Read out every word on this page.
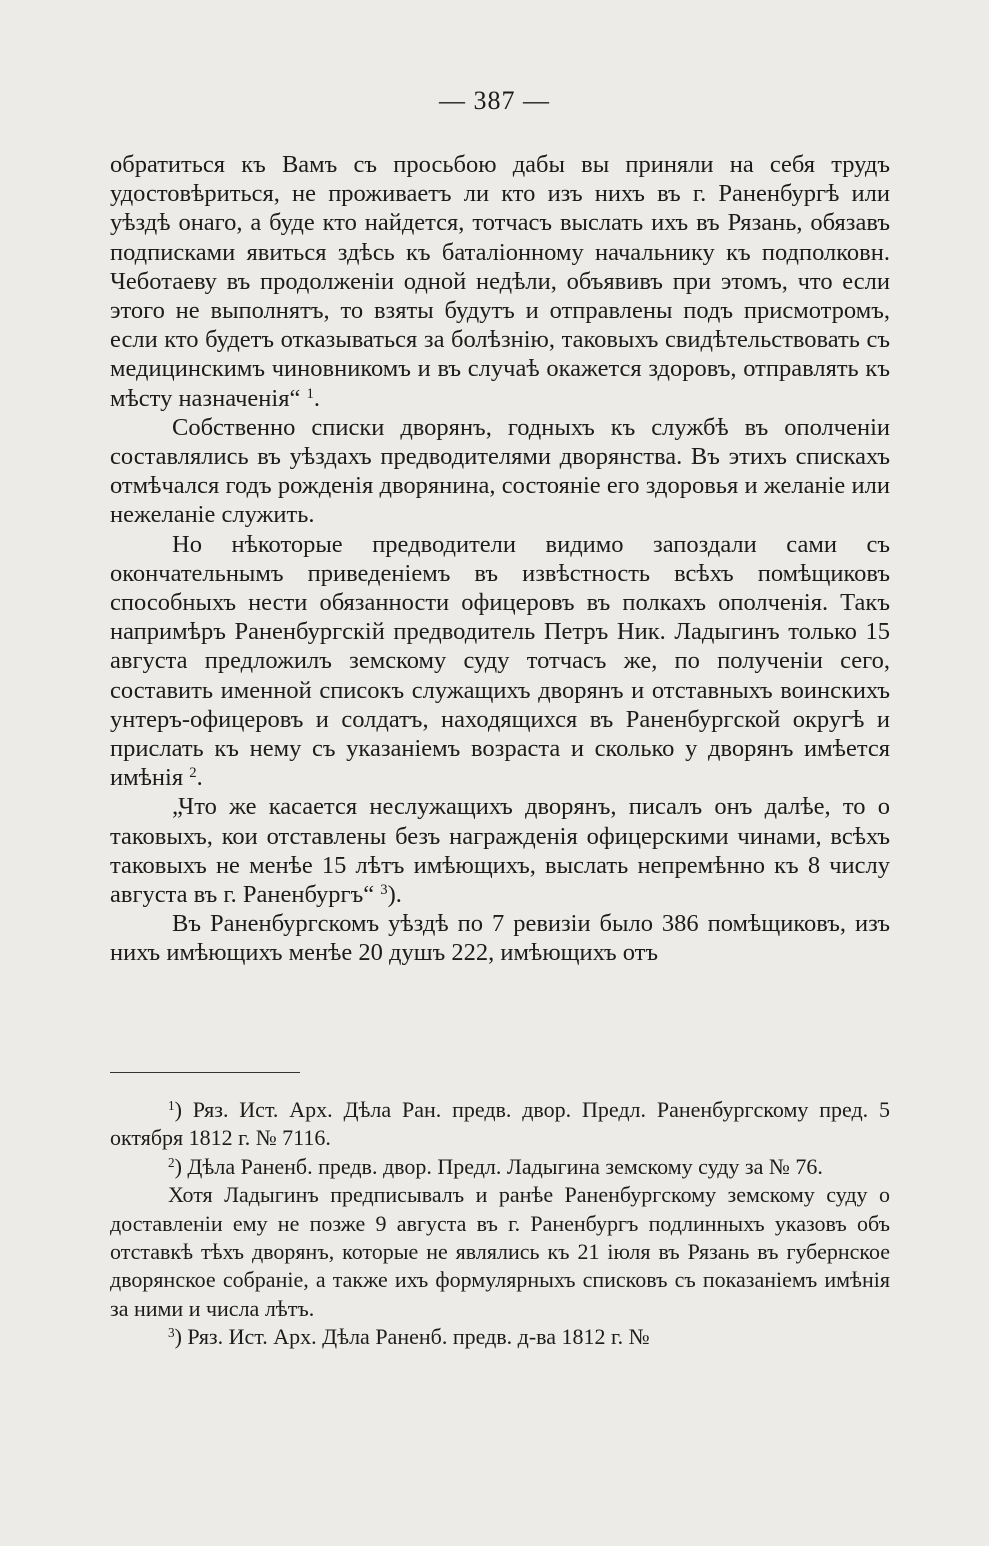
— 387 —

обратиться къ Вамъ съ просьбою дабы вы приняли на себя трудъ удостовѣриться, не проживаетъ ли кто изъ нихъ въ г. Раненбургѣ или уѣздѣ онаго, а буде кто найдется, тотчасъ выслать ихъ въ Рязань, обязавъ подписками явиться здѣсь къ баталіонному начальнику къ подполковн. Чеботаеву въ продолженіи одной недѣли, объявивъ при этомъ, что если этого не выполнятъ, то взяты будутъ и отправлены подъ присмотромъ, если кто будетъ отказываться за болѣзнію, таковыхъ свидѣтельствовать съ медицинскимъ чиновникомъ и въ случаѣ окажется здоровъ, отправлять къ мѣсту назначенія“ $^1$.

Собственно списки дворянъ, годныхъ къ службѣ въ ополченіи составлялись въ уѣздахъ предводителями дворянства. Въ этихъ спискахъ отмѣчался годъ рожденія дворянина, состояніе его здоровья и желаніе или нежеланіе служить.

Но нѣкоторые предводители видимо запоздали сами съ окончательнымъ приведеніемъ въ извѣстность всѣхъ помѣщиковъ способныхъ нести обязанности офицеровъ въ полкахъ ополченія. Такъ напримѣръ Раненбургскій предводитель Петръ Ник. Ладыгинъ только 15 августа предложилъ земскому суду тотчасъ же, по полученіи сего, составить именной списокъ служащихъ дворянъ и отставныхъ воинскихъ унтеръ-офицеровъ и солдатъ, находящихся въ Раненбургской округѣ и прислать къ нему съ указаніемъ возраста и сколько у дворянъ имѣется имѣнія $^2$.

„Что же касается неслужащихъ дворянъ, писалъ онъ далѣе, то о таковыхъ, кои отставлены безъ награжденія офицерскими чинами, всѣхъ таковыхъ не менѣе 15 лѣтъ имѣющихъ, выслать непремѣнно къ 8 числу августа въ г. Раненбургъ“ $^3$).

Въ Раненбургскомъ уѣздѣ по 7 ревизіи было 386 помѣщиковъ, изъ нихъ имѣющихъ менѣе 20 душъ 222, имѣющихъ отъ

$^1$) Ряз. Ист. Арх. Дѣла Ран. предв. двор. Предл. Раненбургскому пред. 5 октября 1812 г. № 7116.

$^2$) Дѣла Раненб. предв. двор. Предл. Ладыгина земскому суду за № 76.

Хотя Ладыгинъ предписывалъ и ранѣе Раненбургскому земскому суду о доставленіи ему не позже 9 августа въ г. Раненбургъ подлинныхъ указовъ объ отставкѣ тѣхъ дворянъ, которые не являлись къ 21 іюля въ Рязань въ губернское дворянское собраніе, а также ихъ формулярныхъ списковъ съ показаніемъ имѣнія за ними и числа лѣтъ.

$^3$) Ряз. Ист. Арх. Дѣла Раненб. предв. д-ва 1812 г. №
